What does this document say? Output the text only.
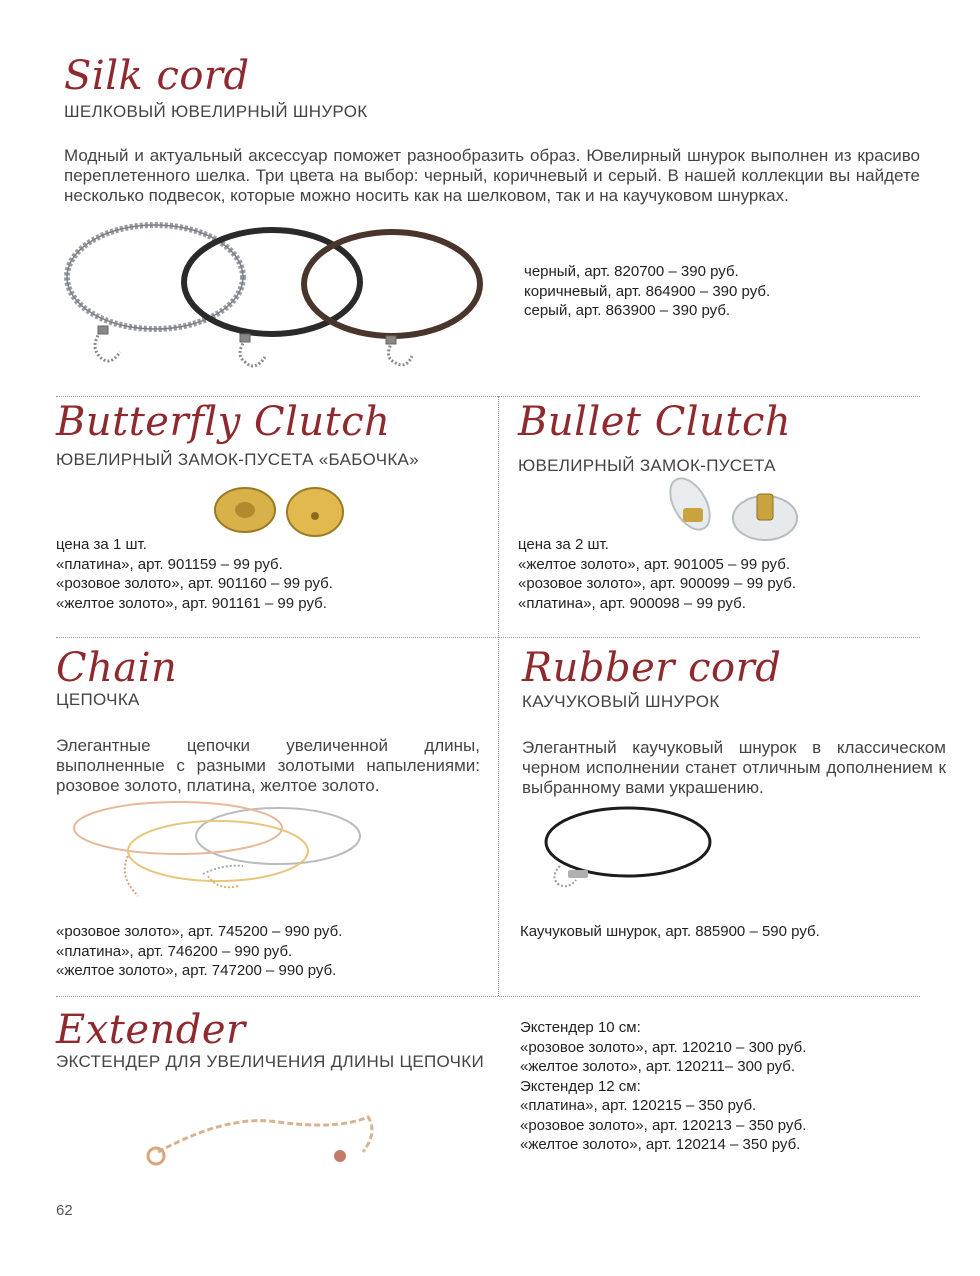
Silk cord
ШЕЛКОВЫЙ ЮВЕЛИРНЫЙ ШНУРОК
Модный и актуальный аксессуар поможет разнообразить образ. Ювелирный шнурок выполнен из красиво переплетенного шелка. Три цвета на выбор: черный, коричневый и серый. В нашей коллекции вы найдете несколько подвесок, которые можно носить как на шелковом, так и на каучуковом шнурках.
черный, арт. 820700 – 390 руб.
коричневый, арт. 864900 – 390 руб.
серый, арт. 863900 – 390 руб.
Butterfly Clutch
ЮВЕЛИРНЫЙ ЗАМОК-ПУСЕТА «БАБОЧКА»
цена за 1 шт.
«платина», арт. 901159 – 99 руб.
«розовое золото», арт. 901160 – 99 руб.
«желтое золото», арт. 901161 – 99 руб.
Bullet Clutch
ЮВЕЛИРНЫЙ ЗАМОК-ПУСЕТА
цена за 2 шт.
«желтое золото», арт. 901005 – 99 руб.
«розовое золото», арт. 900099 – 99 руб.
«платина», арт. 900098 – 99 руб.
Chain
ЦЕПОЧКА
Элегантные цепочки увеличенной длины, выполненные с разными золотыми напылениями: розовое золото, платина, желтое золото.
«розовое золото», арт. 745200 – 990 руб.
«платина», арт. 746200 – 990 руб.
«желтое золото», арт. 747200 – 990 руб.
Rubber cord
КАУЧУКОВЫЙ ШНУРОК
Элегантный каучуковый шнурок в классическом черном исполнении станет отличным дополнением к выбранному вами украшению.
Каучуковый шнурок, арт. 885900 – 590 руб.
Extender
ЭКСТЕНДЕР ДЛЯ УВЕЛИЧЕНИЯ ДЛИНЫ ЦЕПОЧКИ
Экстендер 10 см:
«розовое золото», арт. 120210 – 300 руб.
«желтое золото», арт. 120211– 300 руб.
Экстендер 12 см:
«платина», арт. 120215 – 350 руб.
«розовое золото», арт. 120213 – 350 руб.
«желтое золото», арт. 120214 – 350 руб.
62
